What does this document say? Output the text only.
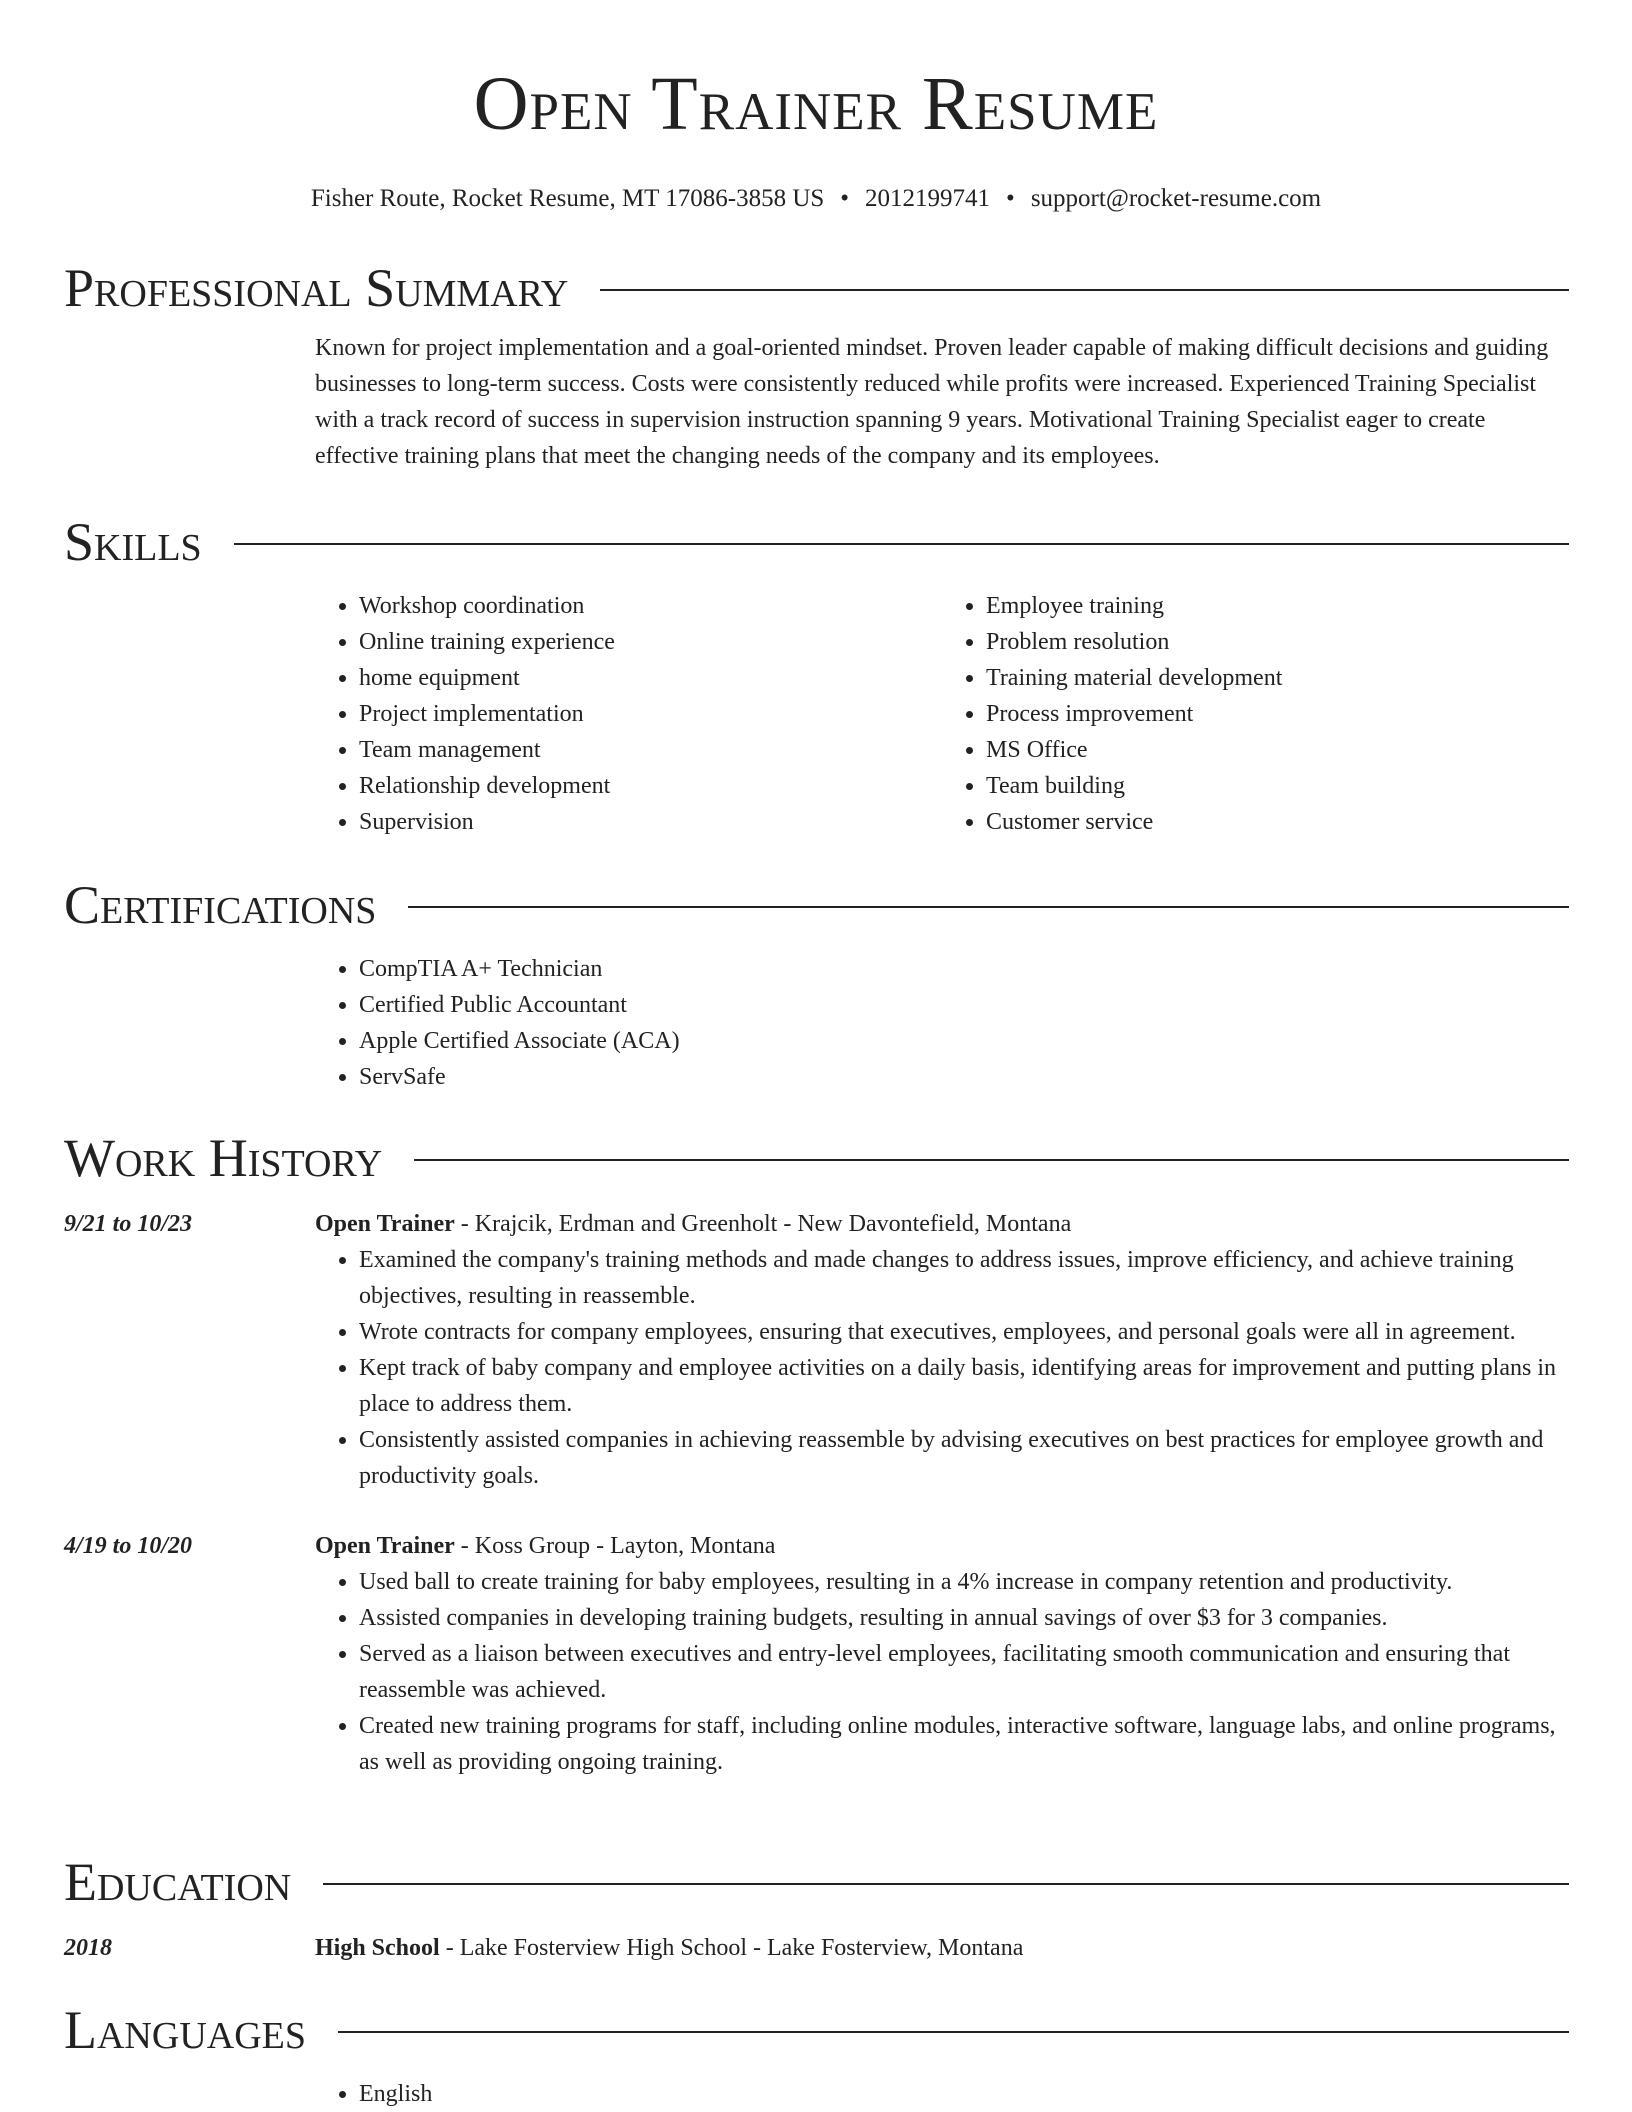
Open Trainer Resume
Fisher Route, Rocket Resume, MT 17086-3858 US • 2012199741 • support@rocket-resume.com
Professional Summary

Known for project implementation and a goal-oriented mindset. Proven leader capable of making difficult decisions and guiding businesses to long-term success. Costs were consistently reduced while profits were increased. Experienced Training Specialist with a track record of success in supervision instruction spanning 9 years. Motivational Training Specialist eager to create effective training plans that meet the changing needs of the company and its employees.

Skills
• Workshop coordination
• Online training experience
• home equipment
• Project implementation
• Team management
• Relationship development
• Supervision
• Employee training
• Problem resolution
• Training material development
• Process improvement
• MS Office
• Team building
• Customer service
Certifications
• CompTIA A+ Technician
• Certified Public Accountant
• Apple Certified Associate (ACA)
• ServSafe
Work History
9/21 to 10/23	Open Trainer - Krajcik, Erdman and Greenholt - New Davontefield, Montana
• Examined the company's training methods and made changes to address issues, improve efficiency, and achieve training objectives, resulting in reassemble.
• Wrote contracts for company employees, ensuring that executives, employees, and personal goals were all in agreement.
• Kept track of baby company and employee activities on a daily basis, identifying areas for improvement and putting plans in place to address them.
• Consistently assisted companies in achieving reassemble by advising executives on best practices for employee growth and productivity goals.
4/19 to 10/20	Open Trainer - Koss Group - Layton, Montana
• Used ball to create training for baby employees, resulting in a 4% increase in company retention and productivity.
• Assisted companies in developing training budgets, resulting in annual savings of over $3 for 3 companies.
• Served as a liaison between executives and entry-level employees, facilitating smooth communication and ensuring that reassemble was achieved.
• Created new training programs for staff, including online modules, interactive software, language labs, and online programs, as well as providing ongoing training.
Education
2018	High School - Lake Fosterview High School - Lake Fosterview, Montana
Languages
• English
